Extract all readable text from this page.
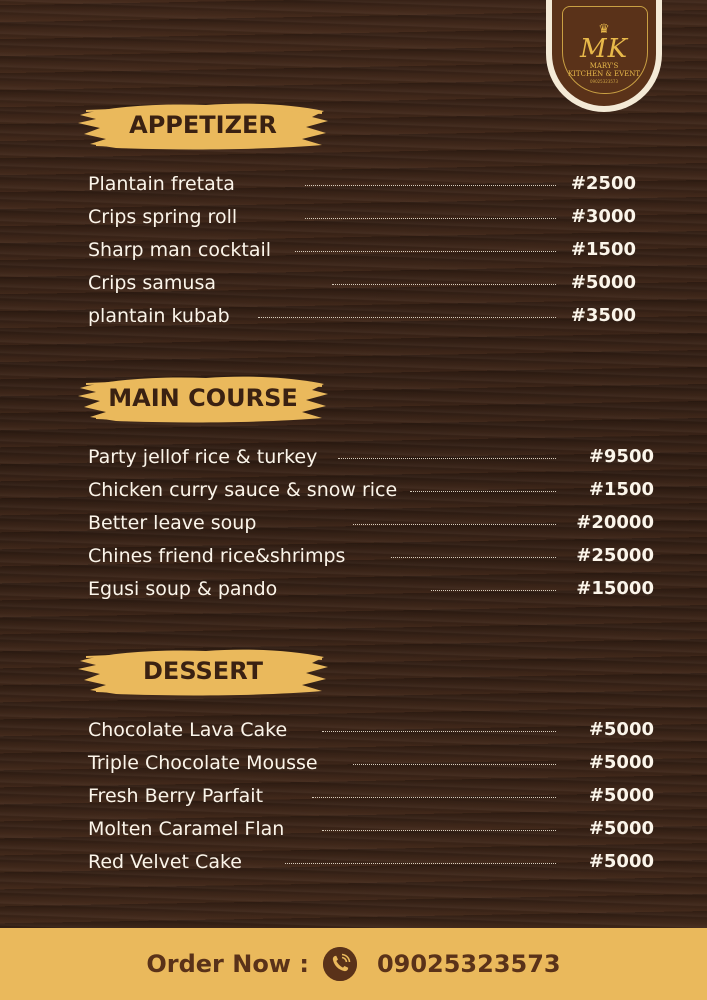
♛
MK
MARY'S
KITCHEN & EVENT
09025323573
APPETIZER
Plantain fretata	#2500
Crips spring roll	#3000
Sharp man cocktail	#1500
Crips samusa	#5000
plantain kubab	#3500
MAIN COURSE
Party jellof rice & turkey	#9500
Chicken curry sauce & snow rice	#1500
Better leave soup	#20000
Chines friend rice&shrimps	#25000
Egusi soup & pando	#15000
DESSERT
Chocolate Lava Cake	#5000
Triple Chocolate Mousse	#5000
Fresh Berry Parfait	#5000
Molten Caramel Flan	#5000
Red Velvet Cake	#5000
Order Now :	09025323573
